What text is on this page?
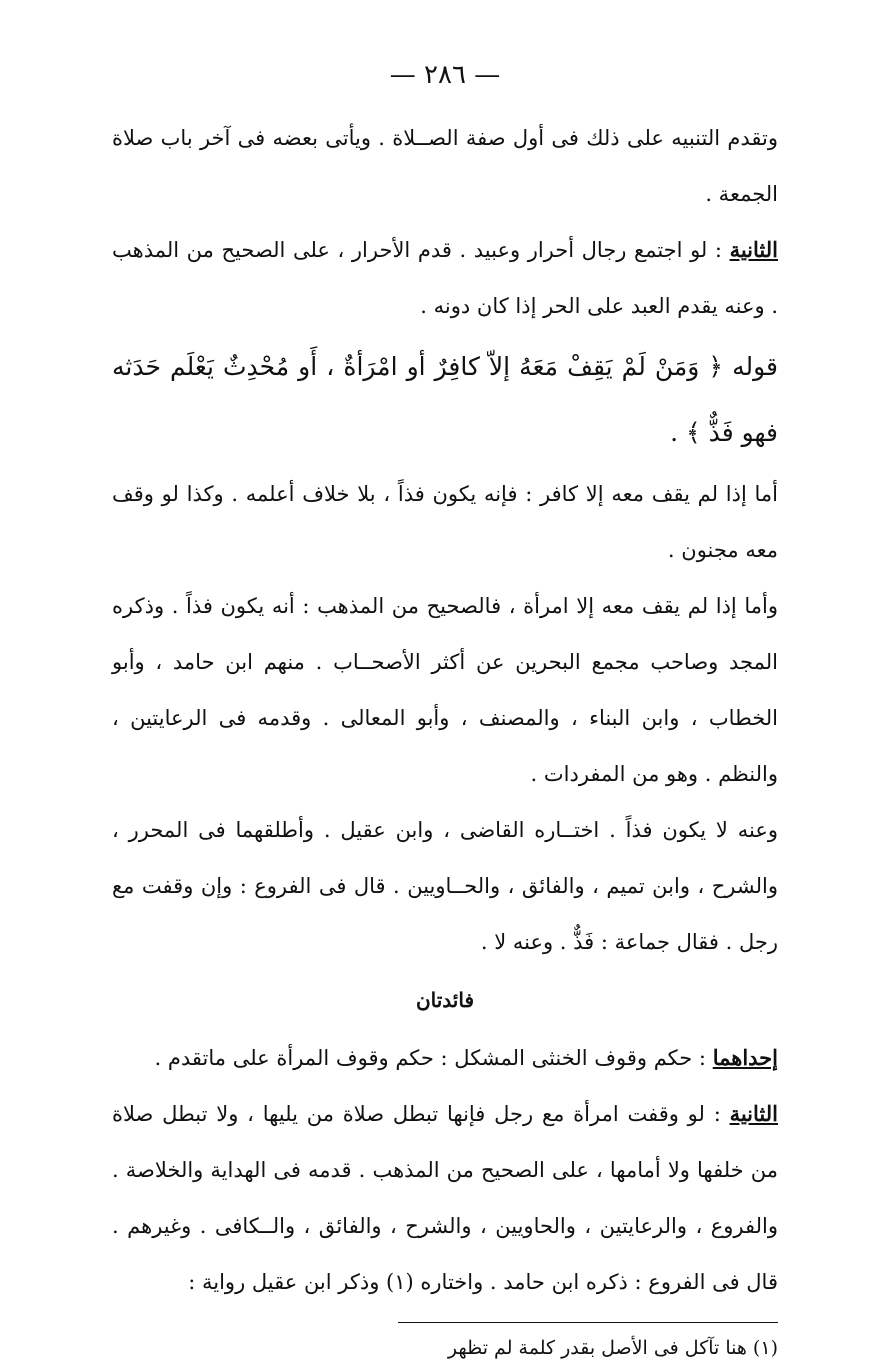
— ٢٨٦ —

وتقدم التنبيه على ذلك فى أول صفة الصــلاة . ويأتى بعضه فى آخر باب صلاة الجمعة .

الثانية : لو اجتمع رجال أحرار وعبيد . قدم الأحرار ، على الصحيح من المذهب . وعنه يقدم العبد على الحر إذا كان دونه .

قوله ﴿ وَمَنْ لَمْ يَقِفْ مَعَهُ إلاّ كافِرٌ أو امْرَأةٌ ، أَو مُحْدِثٌ يَعْلَم حَدَثه فهو فَذٌّ ﴾ .

أما إذا لم يقف معه إلا كافر : فإنه يكون فذاً ، بلا خلاف أعلمه . وكذا لو وقف معه مجنون .

وأما إذا لم يقف معه إلا امرأة ، فالصحيح من المذهب : أنه يكون فذاً . وذكره المجد وصاحب مجمع البحرين عن أكثر الأصحــاب . منهم ابن حامد ، وأبو الخطاب ، وابن البناء ، والمصنف ، وأبو المعالى . وقدمه فى الرعايتين ، والنظم . وهو من المفردات .

وعنه لا يكون فذاً . اختــاره القاضى ، وابن عقيل . وأطلقهما فى المحرر ، والشرح ، وابن تميم ، والفائق ، والحــاويين . قال فى الفروع : وإن وقفت مع رجل . فقال جماعة : فَذٌّ . وعنه لا .

فائدتان

إحداهما : حكم وقوف الخنثى المشكل : حكم وقوف المرأة على ماتقدم .

الثانية : لو وقفت امرأة مع رجل فإنها تبطل صلاة من يليها ، ولا تبطل صلاة من خلفها ولا أمامها ، على الصحيح من المذهب . قدمه فى الهداية والخلاصة . والفروع ، والرعايتين ، والحاويين ، والشرح ، والفائق ، والــكافى . وغيرهم . قال فى الفروع : ذكره ابن حامد . واختاره (١) وذكر ابن عقيل رواية :

(١) هنا تآكل فى الأصل بقدر كلمة لم تظهر
